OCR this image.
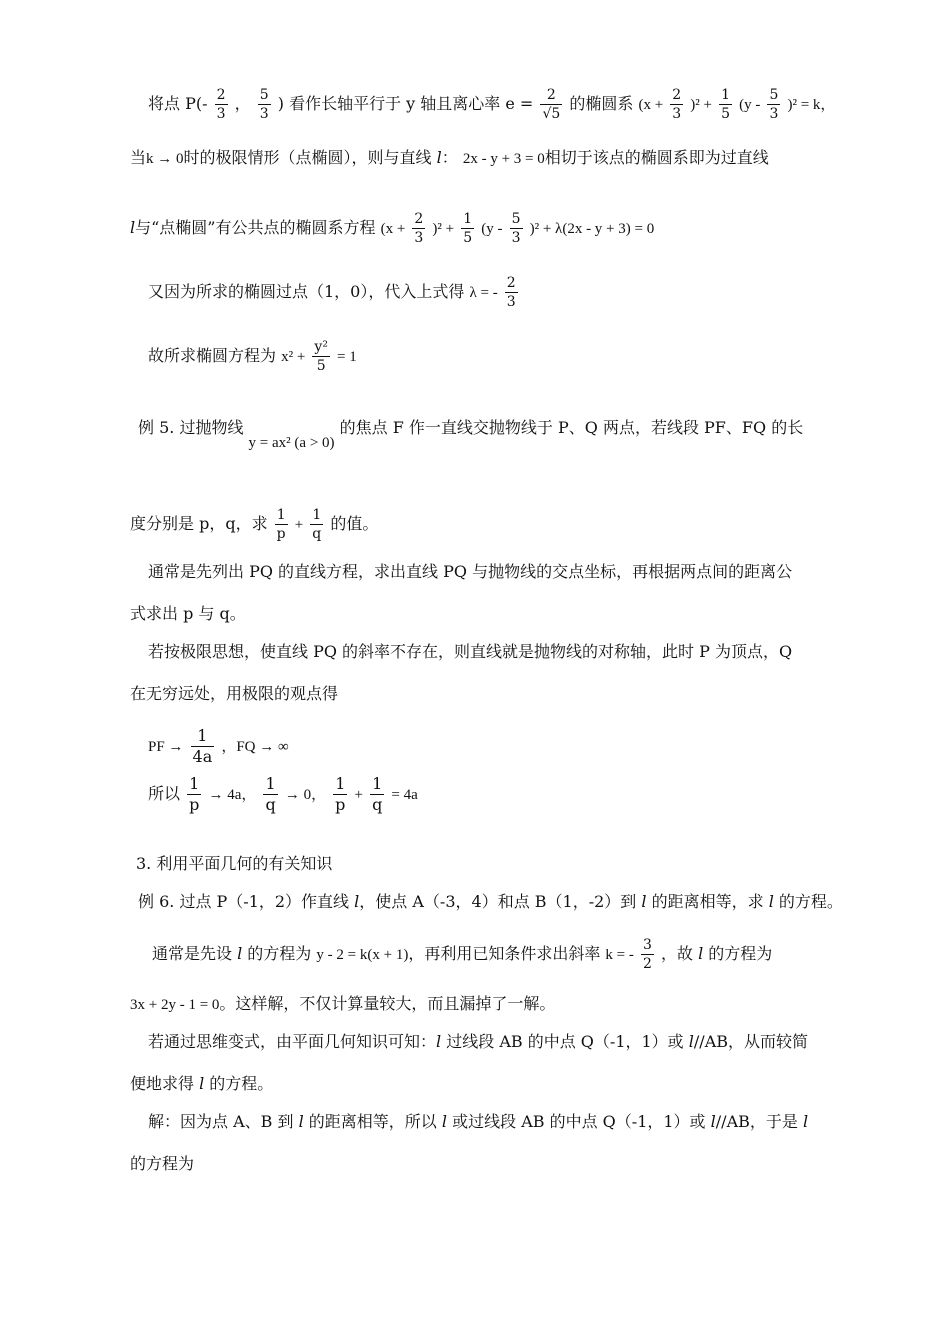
将点 $P(- \frac{2}{3}$ ， $\frac{5}{3}$ ) 看作长轴平行于 y 轴且离心率 $e = \frac{2}{√5}$ 的椭圆系 $(x + \frac{2}{3} )^2 + \frac{1}{5} (y - \frac{5}{3} )^2 = k$，
当k → 0时的极限情形（点椭圆），则与直线 l： 2x - y + 3 = 0相切于该点的椭圆系即为过直线
l与“点椭圆”有公共点的椭圆系方程 $(x + \frac{2}{3} )^2 + \frac{1}{5} (y - \frac{5}{3} )^2 + \lambda(2x - y + 3) = 0$
又因为所求的椭圆过点（1，0），代入上式得 λ = - $\frac{2}{3}$
故所求椭圆方程为 $x^2 + \frac{\text{y²}}{5} = 1$
例 5. 过抛物线 y = ax² (a > 0) 的焦点 F 作一直线交抛物线于 P、Q 两点，若线段 PF、FQ 的长
度分别是 p，q，求 $\frac{1}{p} + \frac{1}{q}$ 的值。
通常是先列出 PQ 的直线方程，求出直线 PQ 与抛物线的交点坐标，再根据两点间的距离公
式求出 p 与 q。
若按极限思想，使直线 PQ 的斜率不存在，则直线就是抛物线的对称轴，此时 P 为顶点，Q
在无穷远处，用极限的观点得
PF → $\frac{1}{4a}$ ，FQ → ∞
所以 $\frac{1}{p} \to 4a$， $\frac{1}{q} \to 0$， $\frac{1}{p} + \frac{1}{q} = 4a$
3. 利用平面几何的有关知识
例 6. 过点 P（-1，2）作直线 l，使点 A（-3，4）和点 B（1，-2）到 l 的距离相等，求 l 的方程。
通常是先设 l 的方程为 y - 2 = k(x + 1)，再利用已知条件求出斜率 k = - $\frac{3}{2}$ ，故 l 的方程为
3x + 2y - 1 = 0。这样解，不仅计算量较大，而且漏掉了一解。
若通过思维变式，由平面几何知识可知：l 过线段 AB 的中点 Q（-1，1）或 l//AB，从而较简
便地求得 l 的方程。
解：因为点 A、B 到 l 的距离相等，所以 l 或过线段 AB 的中点 Q（-1，1）或 l//AB，于是 l
的方程为
